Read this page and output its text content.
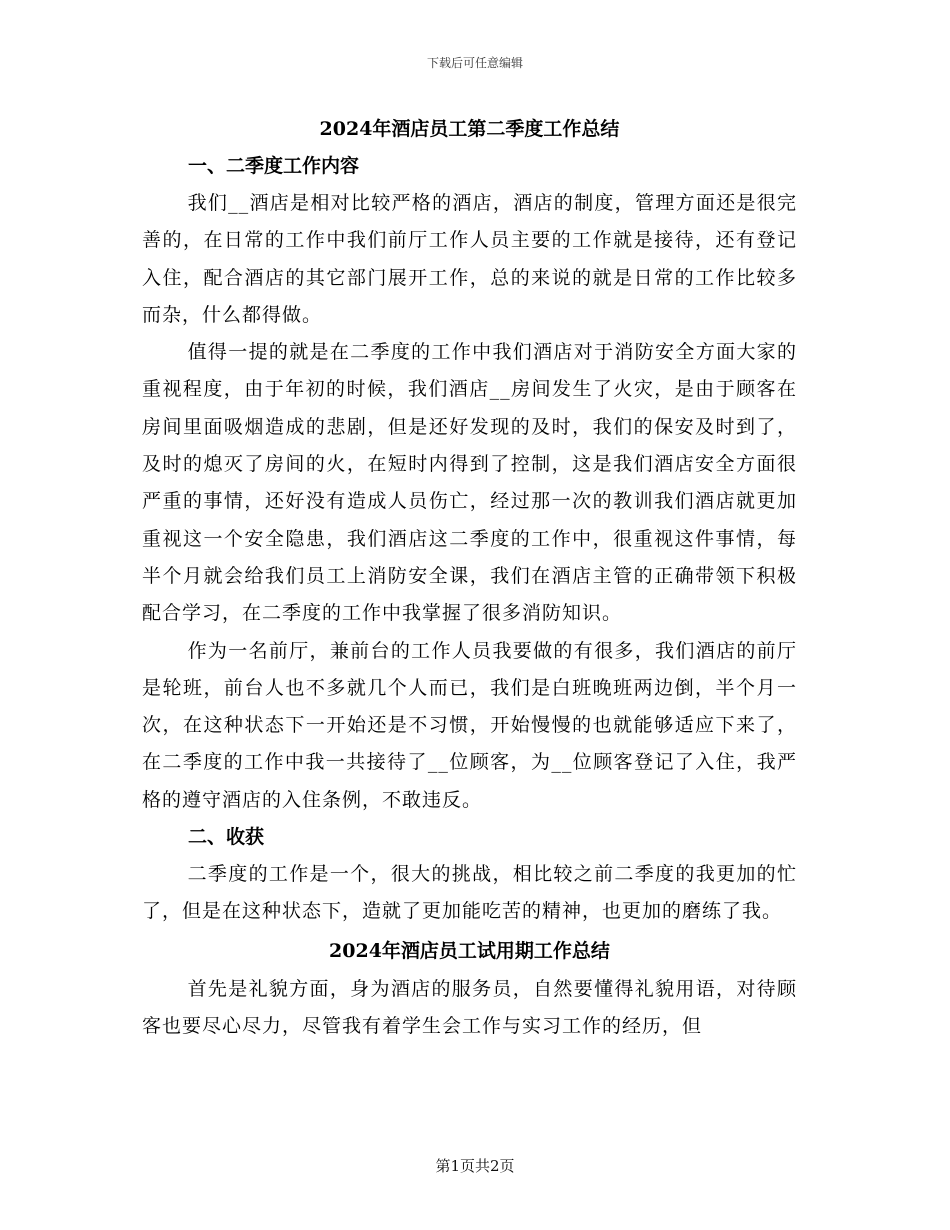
下载后可任意编辑
2024年酒店员工第二季度工作总结
一、二季度工作内容

我们__酒店是相对比较严格的酒店，酒店的制度，管理方面还是很完善的，在日常的工作中我们前厅工作人员主要的工作就是接待，还有登记入住，配合酒店的其它部门展开工作，总的来说的就是日常的工作比较多而杂，什么都得做。

值得一提的就是在二季度的工作中我们酒店对于消防安全方面大家的重视程度，由于年初的时候，我们酒店__房间发生了火灾，是由于顾客在房间里面吸烟造成的悲剧，但是还好发现的及时，我们的保安及时到了，及时的熄灭了房间的火，在短时内得到了控制，这是我们酒店安全方面很严重的事情，还好没有造成人员伤亡，经过那一次的教训我们酒店就更加重视这一个安全隐患，我们酒店这二季度的工作中，很重视这件事情，每半个月就会给我们员工上消防安全课，我们在酒店主管的正确带领下积极配合学习，在二季度的工作中我掌握了很多消防知识。

作为一名前厅，兼前台的工作人员我要做的有很多，我们酒店的前厅是轮班，前台人也不多就几个人而已，我们是白班晚班两边倒，半个月一次，在这种状态下一开始还是不习惯，开始慢慢的也就能够适应下来了，在二季度的工作中我一共接待了__位顾客，为__位顾客登记了入住，我严格的遵守酒店的入住条例，不敢违反。

二、收获

二季度的工作是一个，很大的挑战，相比较之前二季度的我更加的忙了，但是在这种状态下，造就了更加能吃苦的精神，也更加的磨练了我。

2024年酒店员工试用期工作总结

首先是礼貌方面，身为酒店的服务员，自然要懂得礼貌用语，对待顾客也要尽心尽力，尽管我有着学生会工作与实习工作的经历，但

第1页共2页
